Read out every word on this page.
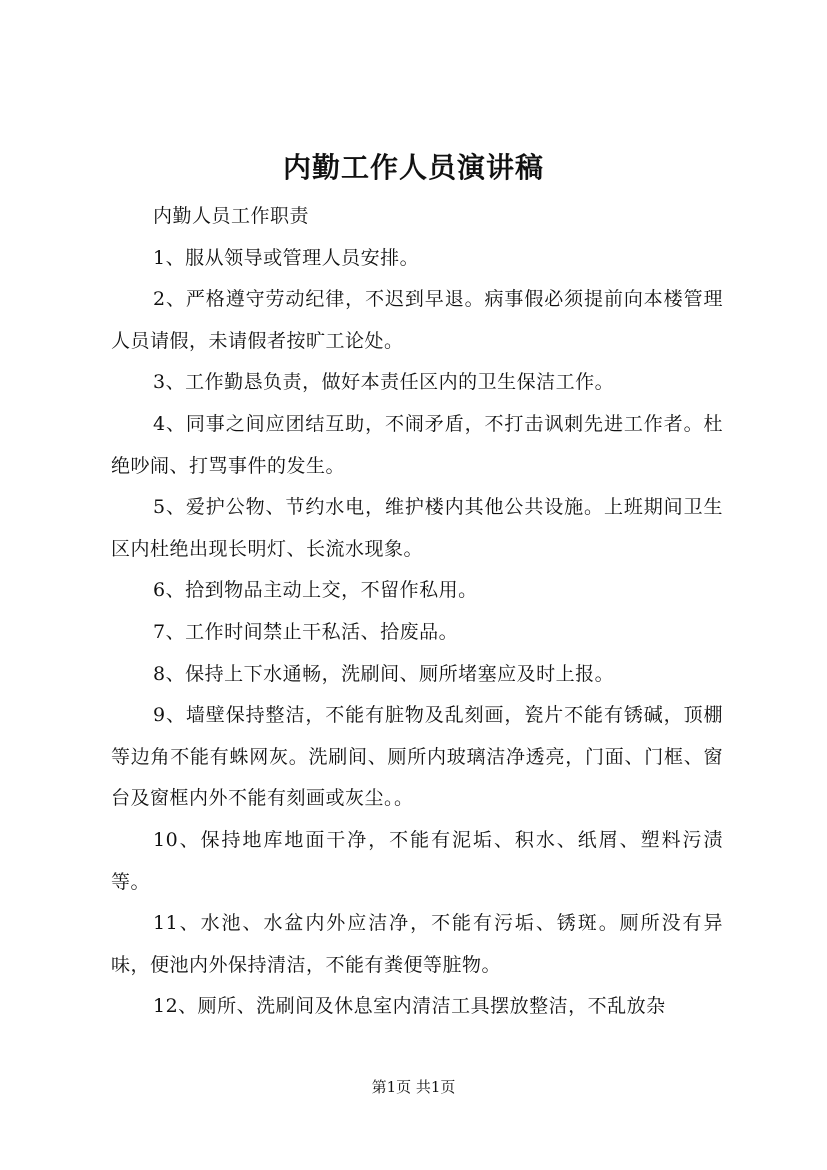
内勤工作人员演讲稿

内勤人员工作职责

1、服从领导或管理人员安排。

2、严格遵守劳动纪律，不迟到早退。病事假必须提前向本楼管理人员请假，未请假者按旷工论处。

3、工作勤恳负责，做好本责任区内的卫生保洁工作。

4、同事之间应团结互助，不闹矛盾，不打击讽刺先进工作者。杜绝吵闹、打骂事件的发生。

5、爱护公物、节约水电，维护楼内其他公共设施。上班期间卫生区内杜绝出现长明灯、长流水现象。

6、拾到物品主动上交，不留作私用。

7、工作时间禁止干私活、拾废品。

8、保持上下水通畅，洗刷间、厕所堵塞应及时上报。

9、墙壁保持整洁，不能有脏物及乱刻画，瓷片不能有锈碱，顶棚等边角不能有蛛网灰。洗刷间、厕所内玻璃洁净透亮，门面、门框、窗台及窗框内外不能有刻画或灰尘。。

10、保持地库地面干净，不能有泥垢、积水、纸屑、塑料污渍等。

11、水池、水盆内外应洁净，不能有污垢、锈斑。厕所没有异味，便池内外保持清洁，不能有粪便等脏物。

12、厕所、洗刷间及休息室内清洁工具摆放整洁，不乱放杂

第1页 共1页
